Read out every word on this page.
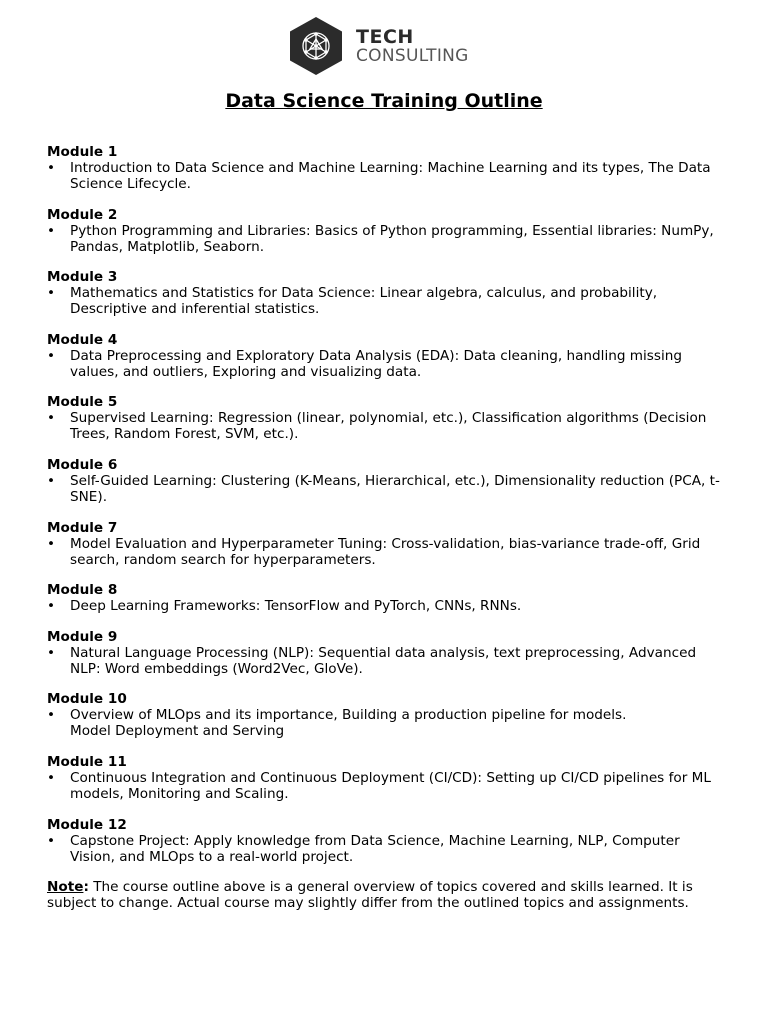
TECH
CONSULTING
Data Science Training Outline
Module 1
•	Introduction to Data Science and Machine Learning: Machine Learning and its types, The Data Science Lifecycle.
Module 2
•	Python Programming and Libraries: Basics of Python programming, Essential libraries: NumPy, Pandas, Matplotlib, Seaborn.
Module 3
•	Mathematics and Statistics for Data Science: Linear algebra, calculus, and probability, Descriptive and inferential statistics.
Module 4
•	Data Preprocessing and Exploratory Data Analysis (EDA): Data cleaning, handling missing values, and outliers, Exploring and visualizing data.
Module 5
•	Supervised Learning: Regression (linear, polynomial, etc.), Classification algorithms (Decision Trees, Random Forest, SVM, etc.).
Module 6
•	Self-Guided Learning: Clustering (K-Means, Hierarchical, etc.), Dimensionality reduction (PCA, t-SNE).
Module 7
•	Model Evaluation and Hyperparameter Tuning: Cross-validation, bias-variance trade-off, Grid search, random search for hyperparameters.
Module 8
•	Deep Learning Frameworks: TensorFlow and PyTorch, CNNs, RNNs.
Module 9
•	Natural Language Processing (NLP): Sequential data analysis, text preprocessing, Advanced NLP: Word embeddings (Word2Vec, GloVe).
Module 10
•	Overview of MLOps and its importance, Building a production pipeline for models.
Model Deployment and Serving
Module 11
•	Continuous Integration and Continuous Deployment (CI/CD): Setting up CI/CD pipelines for ML models, Monitoring and Scaling.
Module 12
•	Capstone Project: Apply knowledge from Data Science, Machine Learning, NLP, Computer Vision, and MLOps to a real-world project.
Note: The course outline above is a general overview of topics covered and skills learned. It is subject to change. Actual course may slightly differ from the outlined topics and assignments.
